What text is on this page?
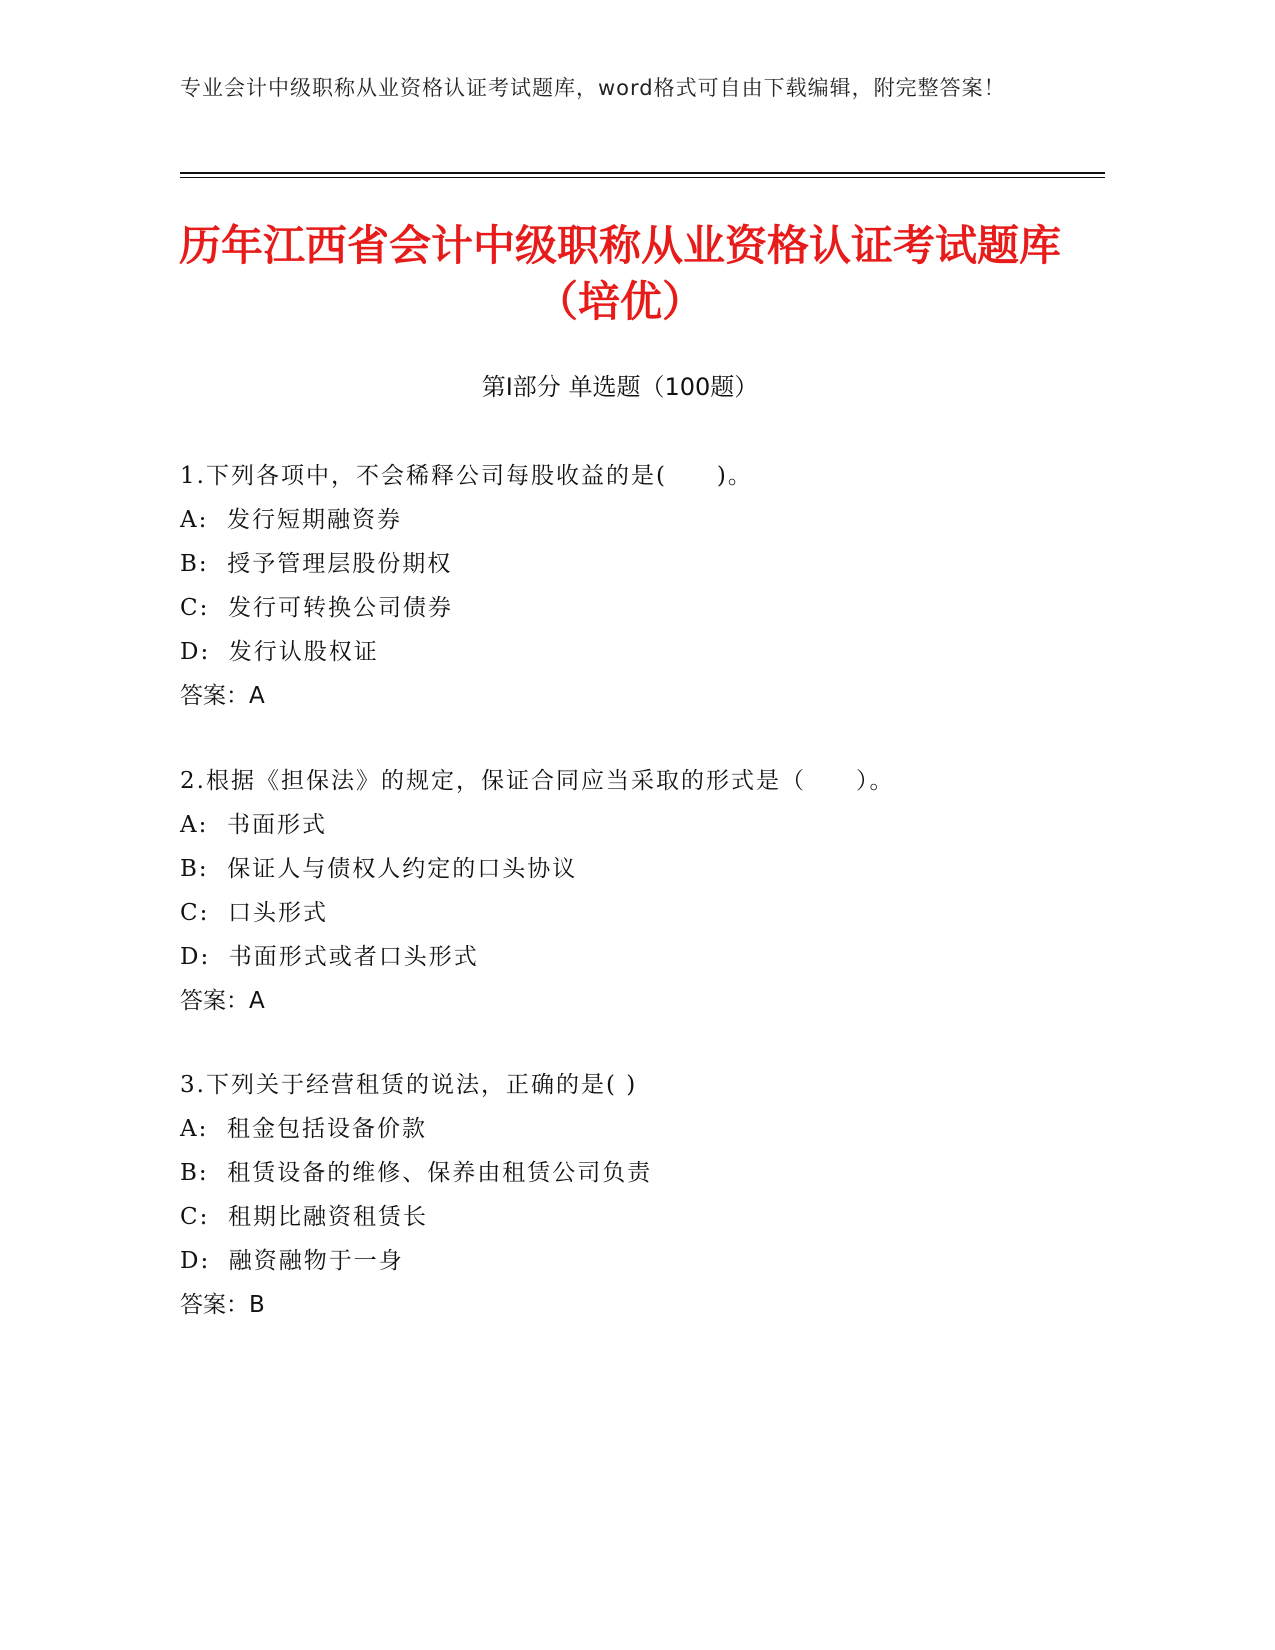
专业会计中级职称从业资格认证考试题库，word格式可自由下载编辑，附完整答案！
历年江西省会计中级职称从业资格认证考试题库（培优）
第Ⅰ部分 单选题（100题）
1.下列各项中，不会稀释公司每股收益的是(　　)。
A:  发行短期融资券
B:  授予管理层股份期权
C:  发行可转换公司债券
D:  发行认股权证
答案：A
2.根据《担保法》的规定，保证合同应当采取的形式是（　　）。
A:  书面形式
B:  保证人与债权人约定的口头协议
C:  口头形式
D:  书面形式或者口头形式
答案：A
3.下列关于经营租赁的说法，正确的是( )
A:  租金包括设备价款
B:  租赁设备的维修、保养由租赁公司负责
C:  租期比融资租赁长
D:  融资融物于一身
答案：B
